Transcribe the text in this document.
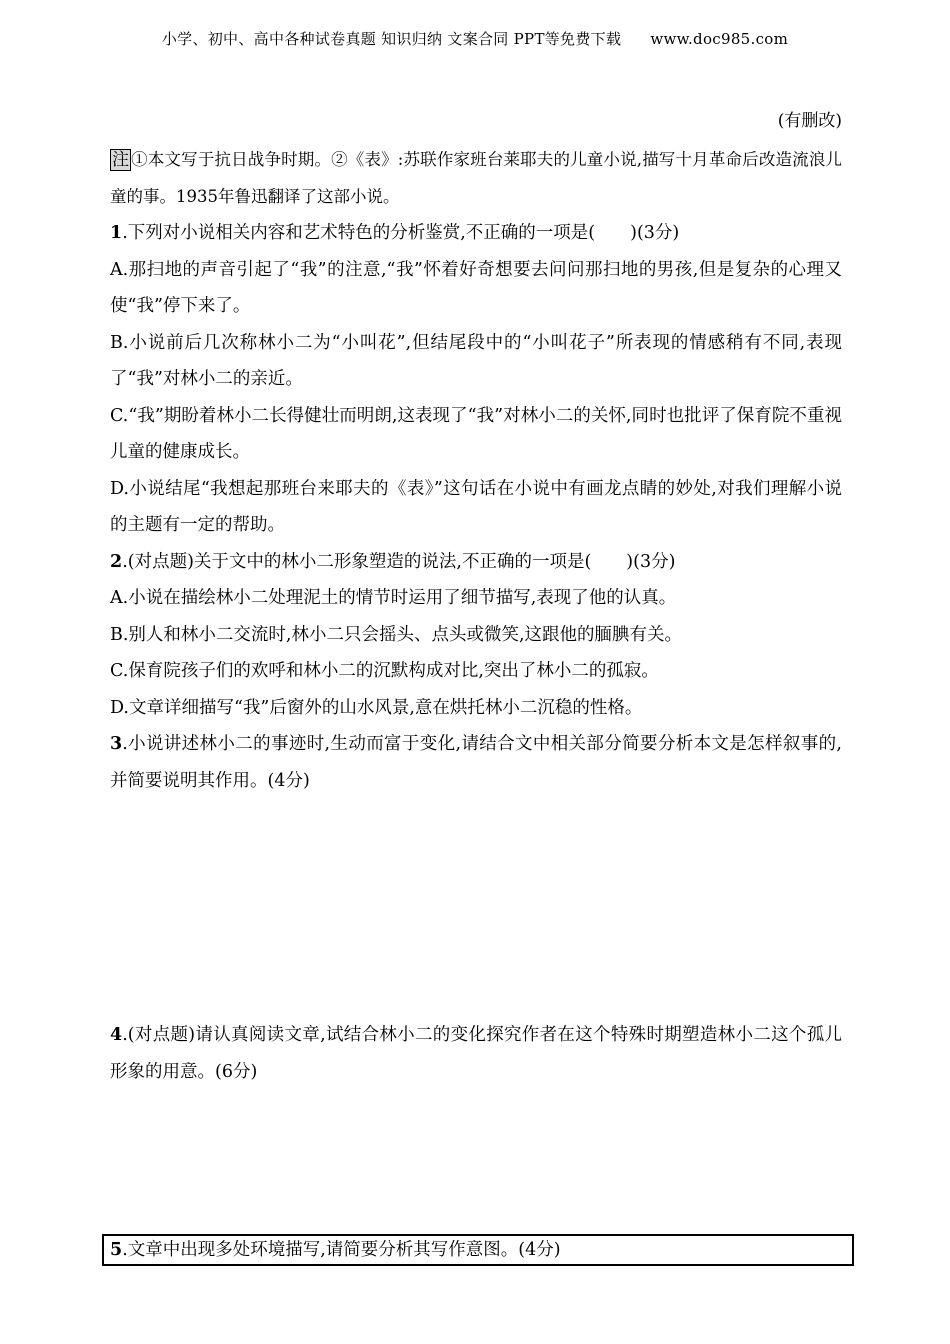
小学、初中、高中各种试卷真题 知识归纳 文案合同 PPT等免费下载 www.doc985.com
(有删改)

注 ①本文写于抗日战争时期。②《表》:苏联作家班台莱耶夫的儿童小说,描写十月革命后改造流浪儿童的事。1935年鲁迅翻译了这部小说。

1.下列对小说相关内容和艺术特色的分析鉴赏,不正确的一项是(　　)(3分)

A.那扫地的声音引起了“我”的注意,“我”怀着好奇想要去问问那扫地的男孩,但是复杂的心理又使“我”停下来了。

B.小说前后几次称林小二为“小叫花”,但结尾段中的“小叫花子”所表现的情感稍有不同,表现了“我”对林小二的亲近。

C.“我”期盼着林小二长得健壮而明朗,这表现了“我”对林小二的关怀,同时也批评了保育院不重视儿童的健康成长。

D.小说结尾“我想起那班台来耶夫的《表》”这句话在小说中有画龙点睛的妙处,对我们理解小说的主题有一定的帮助。

2.(对点题)关于文中的林小二形象塑造的说法,不正确的一项是(　　)(3分)

A.小说在描绘林小二处理泥土的情节时运用了细节描写,表现了他的认真。

B.别人和林小二交流时,林小二只会摇头、点头或微笑,这跟他的腼腆有关。

C.保育院孩子们的欢呼和林小二的沉默构成对比,突出了林小二的孤寂。

D.文章详细描写“我”后窗外的山水风景,意在烘托林小二沉稳的性格。

3.小说讲述林小二的事迹时,生动而富于变化,请结合文中相关部分简要分析本文是怎样叙事的,并简要说明其作用。(4分)

4.(对点题)请认真阅读文章,试结合林小二的变化探究作者在这个特殊时期塑造林小二这个孤儿形象的用意。(6分)

5.文章中出现多处环境描写,请简要分析其写作意图。(4分)
